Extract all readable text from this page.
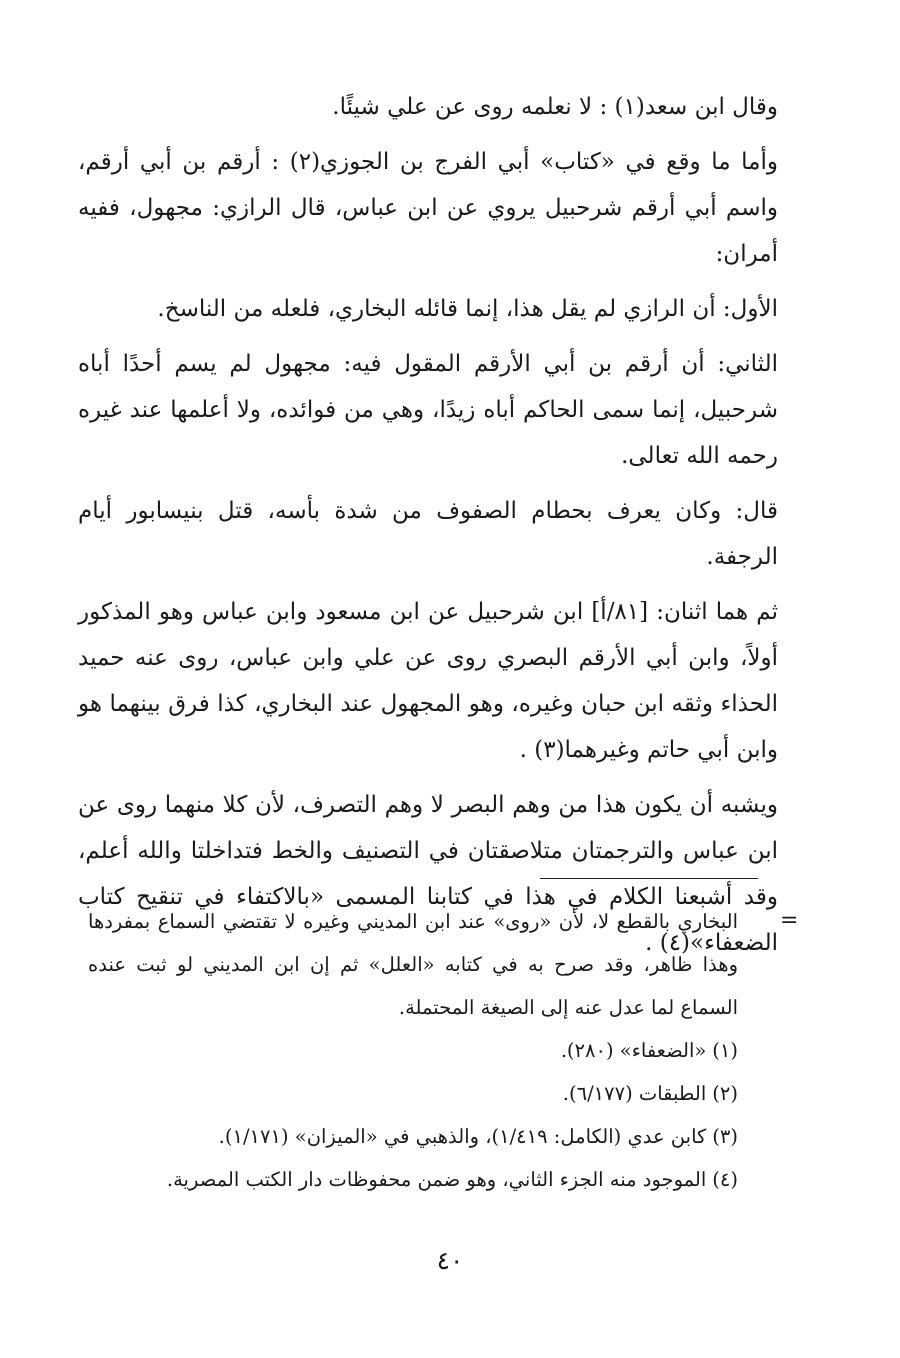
وقال ابن سعد(١) : لا نعلمه روى عن علي شيئًا.

وأما ما وقع في «كتاب» أبي الفرج بن الجوزي(٢) : أرقم بن أبي أرقم، واسم أبي أرقم شرحبيل يروي عن ابن عباس، قال الرازي: مجهول، ففيه أمران:

الأول: أن الرازي لم يقل هذا، إنما قائله البخاري، فلعله من الناسخ.

الثاني: أن أرقم بن أبي الأرقم المقول فيه: مجهول لم يسم أحدًا أباه شرحبيل، إنما سمى الحاكم أباه زيدًا، وهي من فوائده، ولا أعلمها عند غيره رحمه الله تعالى.

قال: وكان يعرف بحطام الصفوف من شدة بأسه، قتل بنيسابور أيام الرجفة.

ثم هما اثنان: [٨١/أ] ابن شرحبيل عن ابن مسعود وابن عباس وهو المذكور أولاً، وابن أبي الأرقم البصري روى عن علي وابن عباس، روى عنه حميد الحذاء وثقه ابن حبان وغيره، وهو المجهول عند البخاري، كذا فرق بينهما هو وابن أبي حاتم وغيرهما(٣) .

ويشبه أن يكون هذا من وهم البصر لا وهم التصرف، لأن كلا منهما روى عن ابن عباس والترجمتان متلاصقتان في التصنيف والخط فتداخلتا والله أعلم، وقد أشبعنا الكلام في هذا في كتابنا المسمى «بالاكتفاء في تنقيح كتاب الضعفاء»(٤) .

=

البخاري بالقطع لا، لأن «روى» عند ابن المديني وغيره لا تقتضي السماع بمفردها وهذا ظاهر، وقد صرح به في كتابه «العلل» ثم إن ابن المديني لو ثبت عنده السماع لما عدل عنه إلى الصيغة المحتملة.

(١)«الضعفاء» (٢٨٠).

(٢)الطبقات (٦/١٧٧).

(٣)كابن عدي (الكامل: ١/٤١٩)، والذهبي في «الميزان» (١/١٧١).

(٤)الموجود منه الجزء الثاني، وهو ضمن محفوظات دار الكتب المصرية.

٤٠
